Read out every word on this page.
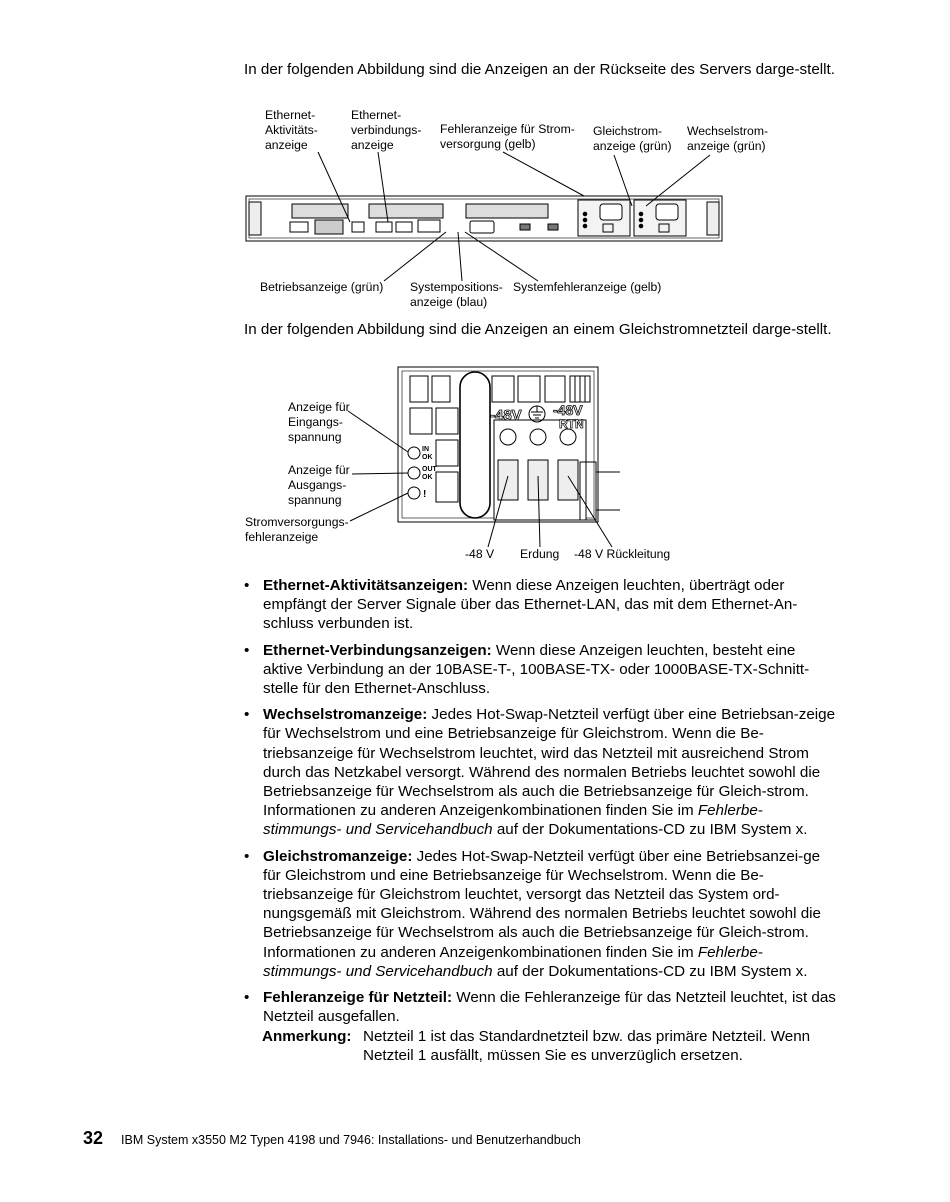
In der folgenden Abbildung sind die Anzeigen an der Rückseite des Servers darge-stellt.

Ethernet-
Aktivitäts-
anzeige
Ethernet-
verbindungs-
anzeige
Fehleranzeige für Strom-
versorgung (gelb)
Gleichstrom-
anzeige (grün)
Wechselstrom-
anzeige (grün)
Betriebsanzeige (grün) Systempositions-
anzeige (blau)
Systemfehleranzeige (gelb)

In der folgenden Abbildung sind die Anzeigen an einem Gleichstromnetzteil darge-stellt.

Anzeige für
Eingangs-
spannung
Anzeige für
Ausgangs-
spannung
Stromversorgungs-
fehleranzeige
-48 V Erdung -48 V Rückleitung
-48V -48V
RTN
IN
OK
OUT
OK
!
• Ethernet-Aktivitätsanzeigen: Wenn diese Anzeigen leuchten, überträgt oder empfängt der Server Signale über das Ethernet-LAN, das mit dem Ethernet-An-schluss verbunden ist.
• Ethernet-Verbindungsanzeigen: Wenn diese Anzeigen leuchten, besteht eine aktive Verbindung an der 10BASE-T-, 100BASE-TX- oder 1000BASE-TX-Schnitt-stelle für den Ethernet-Anschluss.
• Wechselstromanzeige: Jedes Hot-Swap-Netzteil verfügt über eine Betriebsan-zeige für Wechselstrom und eine Betriebsanzeige für Gleichstrom. Wenn die Be-triebsanzeige für Wechselstrom leuchtet, wird das Netzteil mit ausreichend Strom durch das Netzkabel versorgt. Während des normalen Betriebs leuchtet sowohl die Betriebsanzeige für Wechselstrom als auch die Betriebsanzeige für Gleich-strom. Informationen zu anderen Anzeigenkombinationen finden Sie im Fehlerbe-stimmungs- und Servicehandbuch auf der Dokumentations-CD zu IBM System x.
• Gleichstromanzeige: Jedes Hot-Swap-Netzteil verfügt über eine Betriebsanzei-ge für Gleichstrom und eine Betriebsanzeige für Wechselstrom. Wenn die Be-triebsanzeige für Gleichstrom leuchtet, versorgt das Netzteil das System ord-nungsgemäß mit Gleichstrom. Während des normalen Betriebs leuchtet sowohl die Betriebsanzeige für Wechselstrom als auch die Betriebsanzeige für Gleich-strom. Informationen zu anderen Anzeigenkombinationen finden Sie im Fehlerbe-stimmungs- und Servicehandbuch auf der Dokumentations-CD zu IBM System x.
• Fehleranzeige für Netzteil: Wenn die Fehleranzeige für das Netzteil leuchtet, ist das Netzteil ausgefallen.
Anmerkung: Netzteil 1 ist das Standardnetzteil bzw. das primäre Netzteil. Wenn Netzteil 1 ausfällt, müssen Sie es unverzüglich ersetzen.
32 IBM System x3550 M2 Typen 4198 und 7946: Installations- und Benutzerhandbuch
